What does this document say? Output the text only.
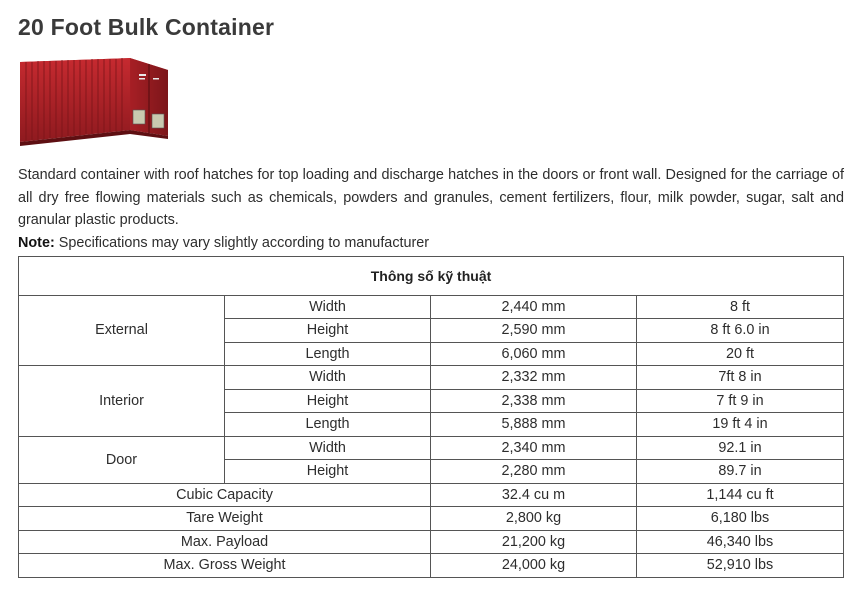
20 Foot Bulk Container
Standard container with roof hatches for top loading and discharge hatches in the doors or front wall. Designed for the carriage of all dry free flowing materials such as chemicals, powders and granules, cement fertilizers, flour, milk powder, sugar, salt and granular plastic products.
Note: Specifications may vary slightly according to manufacturer
Thông số kỹ thuật			
External	Width	2,440 mm	8 ft
	Height	2,590 mm	8 ft 6.0 in
	Length	6,060 mm	20 ft
Interior	Width	2,332 mm	7ft 8 in
	Height	2,338 mm	7 ft 9 in
	Length	5,888 mm	19 ft 4 in
Door	Width	2,340 mm	92.1 in
	Height	2,280 mm	89.7 in
Cubic Capacity		32.4 cu m	1,144 cu ft
Tare Weight		2,800 kg	6,180 lbs
Max. Payload		21,200 kg	46,340 lbs
Max. Gross Weight		24,000 kg	52,910 lbs
